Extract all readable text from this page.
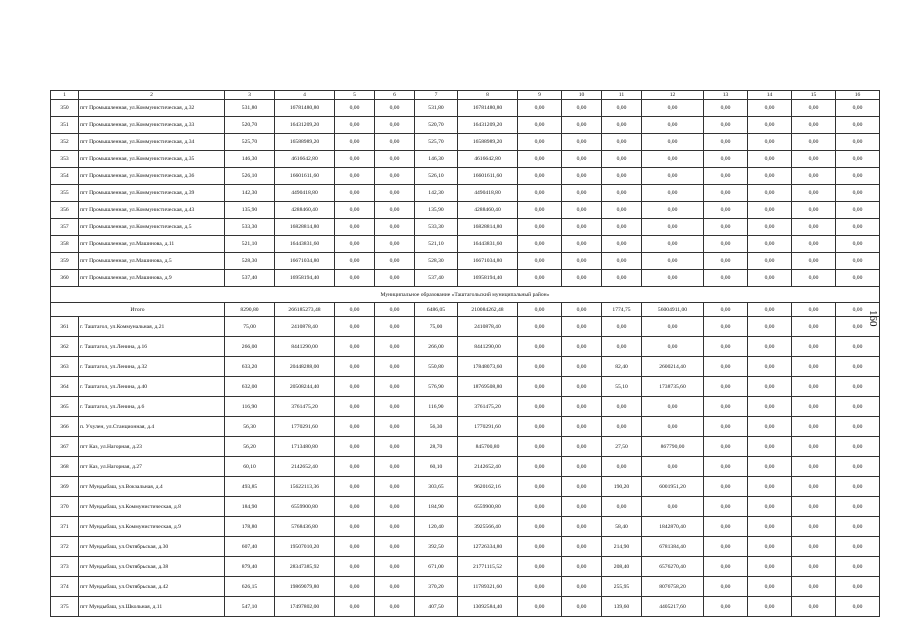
1	2	3	4	5	6	7	8	9	10	11	12	13	14	15	16
350	пгт Промышленная, ул.Коммунистическая, д.32	531,80	16781480,80	0,00	0,00	531,80	16781480,80	0,00	0,00	0,00	0,00	0,00	0,00	0,00	0,00
351	пгт Промышленная, ул.Коммунистическая, д.33	520,70	16431209,20	0,00	0,00	520,70	16431209,20	0,00	0,00	0,00	0,00	0,00	0,00	0,00	0,00
352	пгт Промышленная, ул.Коммунистическая, д.34	525,70	16588989,20	0,00	0,00	525,70	16588989,20	0,00	0,00	0,00	0,00	0,00	0,00	0,00	0,00
353	пгт Промышленная, ул.Коммунистическая, д.35	146,30	4616642,80	0,00	0,00	146,30	4616642,80	0,00	0,00	0,00	0,00	0,00	0,00	0,00	0,00
354	пгт Промышленная, ул.Коммунистическая, д.36	526,10	16601611,60	0,00	0,00	526,10	16601611,60	0,00	0,00	0,00	0,00	0,00	0,00	0,00	0,00
355	пгт Промышленная, ул.Коммунистическая, д.39	142,30	4490418,80	0,00	0,00	142,30	4490418,80	0,00	0,00	0,00	0,00	0,00	0,00	0,00	0,00
356	пгт Промышленная, ул.Коммунистическая, д.43	135,90	4288460,40	0,00	0,00	135,90	4288460,40	0,00	0,00	0,00	0,00	0,00	0,00	0,00	0,00
357	пгт Промышленная, ул.Коммунистическая, д.5	533,30	16828814,80	0,00	0,00	533,30	16828814,80	0,00	0,00	0,00	0,00	0,00	0,00	0,00	0,00
358	пгт Промышленная, ул.Машиновa, д.11	521,10	16443831,60	0,00	0,00	521,10	16443831,60	0,00	0,00	0,00	0,00	0,00	0,00	0,00	0,00
359	пгт Промышленная, ул.Машиновa, д.5	528,30	16671034,80	0,00	0,00	528,30	16671034,80	0,00	0,00	0,00	0,00	0,00	0,00	0,00	0,00
360	пгт Промышленная, ул.Машиновa, д.9	537,40	16958194,40	0,00	0,00	537,40	16958194,40	0,00	0,00	0,00	0,00	0,00	0,00	0,00	0,00
Муниципальное образование «Таштагольский муниципальный район»															
Итого		8290,80	266185273,48	0,00	0,00	6486,05	210084262,48	0,00	0,00	1774,75	56004911,00	0,00	0,00	0,00	0,00
361	г. Таштагол, ул.Коммунальная, д.21	75,00	2410878,40	0,00	0,00	75,00	2410878,40	0,00	0,00	0,00	0,00	0,00	0,00	0,00	0,00
362	г. Таштагол, ул.Ленина, д.16	266,00	8441290,00	0,00	0,00	266,00	8441290,00	0,00	0,00	0,00	0,00	0,00	0,00	0,00	0,00
363	г. Таштагол, ул.Ленина, д.32	633,20	20448288,00	0,00	0,00	550,80	17848073,60	0,00	0,00	82,40	2600214,40	0,00	0,00	0,00	0,00
364	г. Таштагол, ул.Ленина, д.40	632,00	20508244,40	0,00	0,00	576,90	18769508,80	0,00	0,00	55,10	1738735,60	0,00	0,00	0,00	0,00
365	г. Таштагол, ул.Ленина, д.6	116,90	3761475,20	0,00	0,00	116,90	3761475,20	0,00	0,00	0,00	0,00	0,00	0,00	0,00	0,00
366	п. Учулен, ул.Станционная, д.4	56,30	1770291,60	0,00	0,00	56,30	1770291,60	0,00	0,00	0,00	0,00	0,00	0,00	0,00	0,00
367	пгт Каз, ул.Нагорная, д.23	56,20	1713480,80	0,00	0,00	28,70	845700,80	0,00	0,00	27,50	867790,00	0,00	0,00	0,00	0,00
368	пгт Каз, ул.Нагорная, д.27	60,10	2142652,40	0,00	0,00	60,10	2142652,40	0,00	0,00	0,00	0,00	0,00	0,00	0,00	0,00
369	пгт Мундыбаш, ул.Вокзальная, д.4	493,85	15622113,36	0,00	0,00	303,65	9620162,16	0,00	0,00	190,20	6001951,20	0,00	0,00	0,00	0,00
370	пгт Мундыбаш, ул.Коммунистическая, д.8	184,90	6559900,80	0,00	0,00	184,90	6559900,80	0,00	0,00	0,00	0,00	0,00	0,00	0,00	0,00
371	пгт Мундыбаш, ул.Коммунистическая, д.9	178,80	5768436,80	0,00	0,00	120,40	3925566,40	0,00	0,00	58,40	1842870,40	0,00	0,00	0,00	0,00
372	пгт Мундыбаш, ул.Октябрьская, д.30	607,40	19507010,20	0,00	0,00	392,50	12726334,80	0,00	0,00	214,90	6781384,40	0,00	0,00	0,00	0,00
373	пгт Мундыбаш, ул.Октябрьская, д.38	879,40	28347385,92	0,00	0,00	671,00	21771115,52	0,00	0,00	208,40	6576270,40	0,00	0,00	0,00	0,00
374	пгт Мундыбаш, ул.Октябрьская, д.42	626,15	19869079,80	0,00	0,00	370,20	11789321,60	0,00	0,00	255,95	8076758,20	0,00	0,00	0,00	0,00
375	пгт Мундыбаш, ул.Школьная, д.11	547,10	17497802,00	0,00	0,00	407,50	13092584,40	0,00	0,00	139,60	4405217,60	0,00	0,00	0,00	0,00
160
